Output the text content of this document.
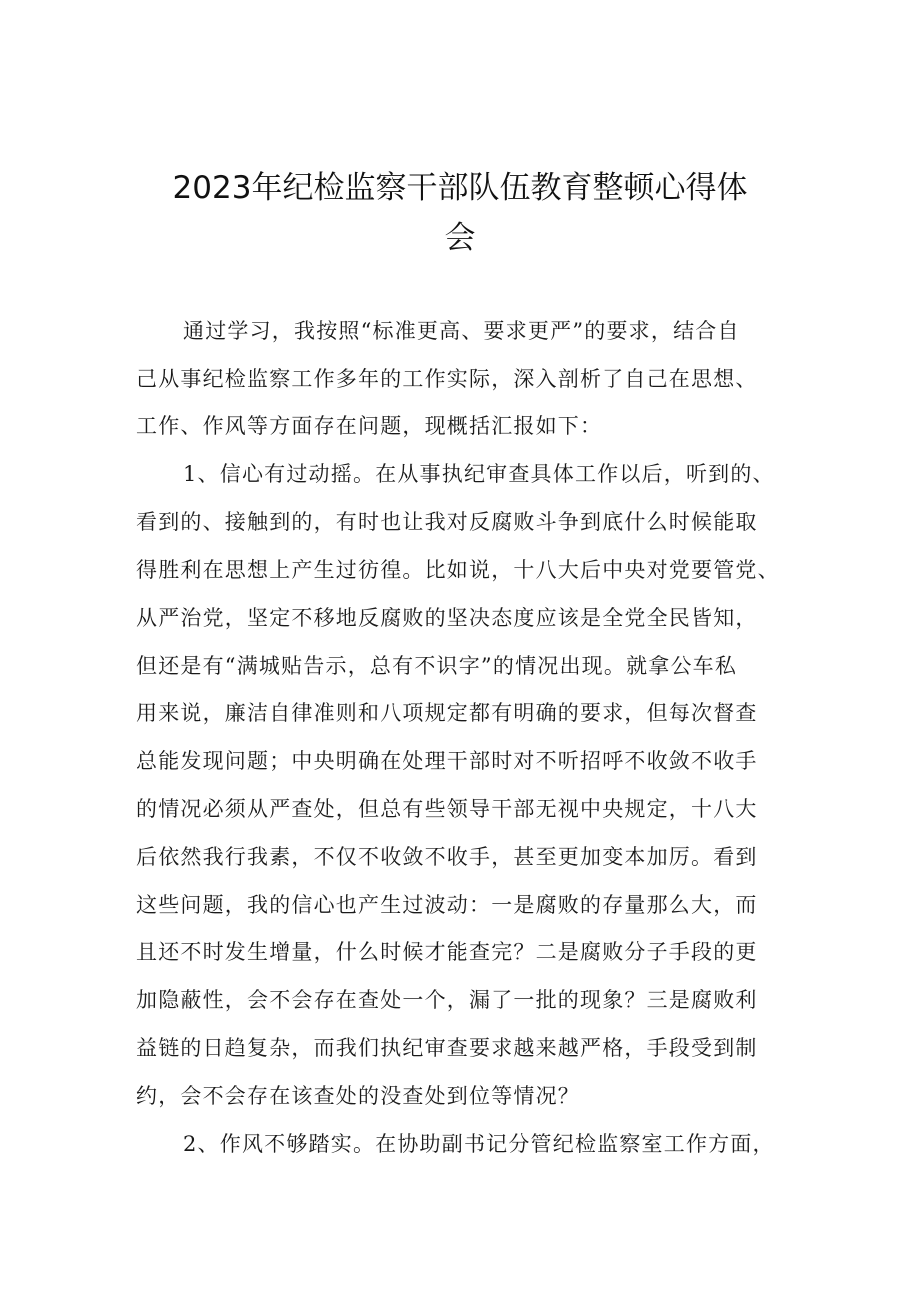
2023年纪检监察干部队伍教育整顿心得体
会
通过学习，我按照“标准更高、要求更严”的要求，结合自
己从事纪检监察工作多年的工作实际，深入剖析了自己在思想、
工作、作风等方面存在问题，现概括汇报如下：
1、信心有过动摇。在从事执纪审查具体工作以后，听到的、
看到的、接触到的，有时也让我对反腐败斗争到底什么时候能取
得胜利在思想上产生过彷徨。比如说，十八大后中央对党要管党、
从严治党，坚定不移地反腐败的坚决态度应该是全党全民皆知，
但还是有“满城贴告示，总有不识字”的情况出现。就拿公车私
用来说，廉洁自律准则和八项规定都有明确的要求，但每次督查
总能发现问题；中央明确在处理干部时对不听招呼不收敛不收手
的情况必须从严查处，但总有些领导干部无视中央规定，十八大
后依然我行我素，不仅不收敛不收手，甚至更加变本加厉。看到
这些问题，我的信心也产生过波动：一是腐败的存量那么大，而
且还不时发生增量，什么时候才能查完？二是腐败分子手段的更
加隐蔽性，会不会存在查处一个，漏了一批的现象？三是腐败利
益链的日趋复杂，而我们执纪审查要求越来越严格，手段受到制
约，会不会存在该查处的没查处到位等情况？
2、作风不够踏实。在协助副书记分管纪检监察室工作方面，
